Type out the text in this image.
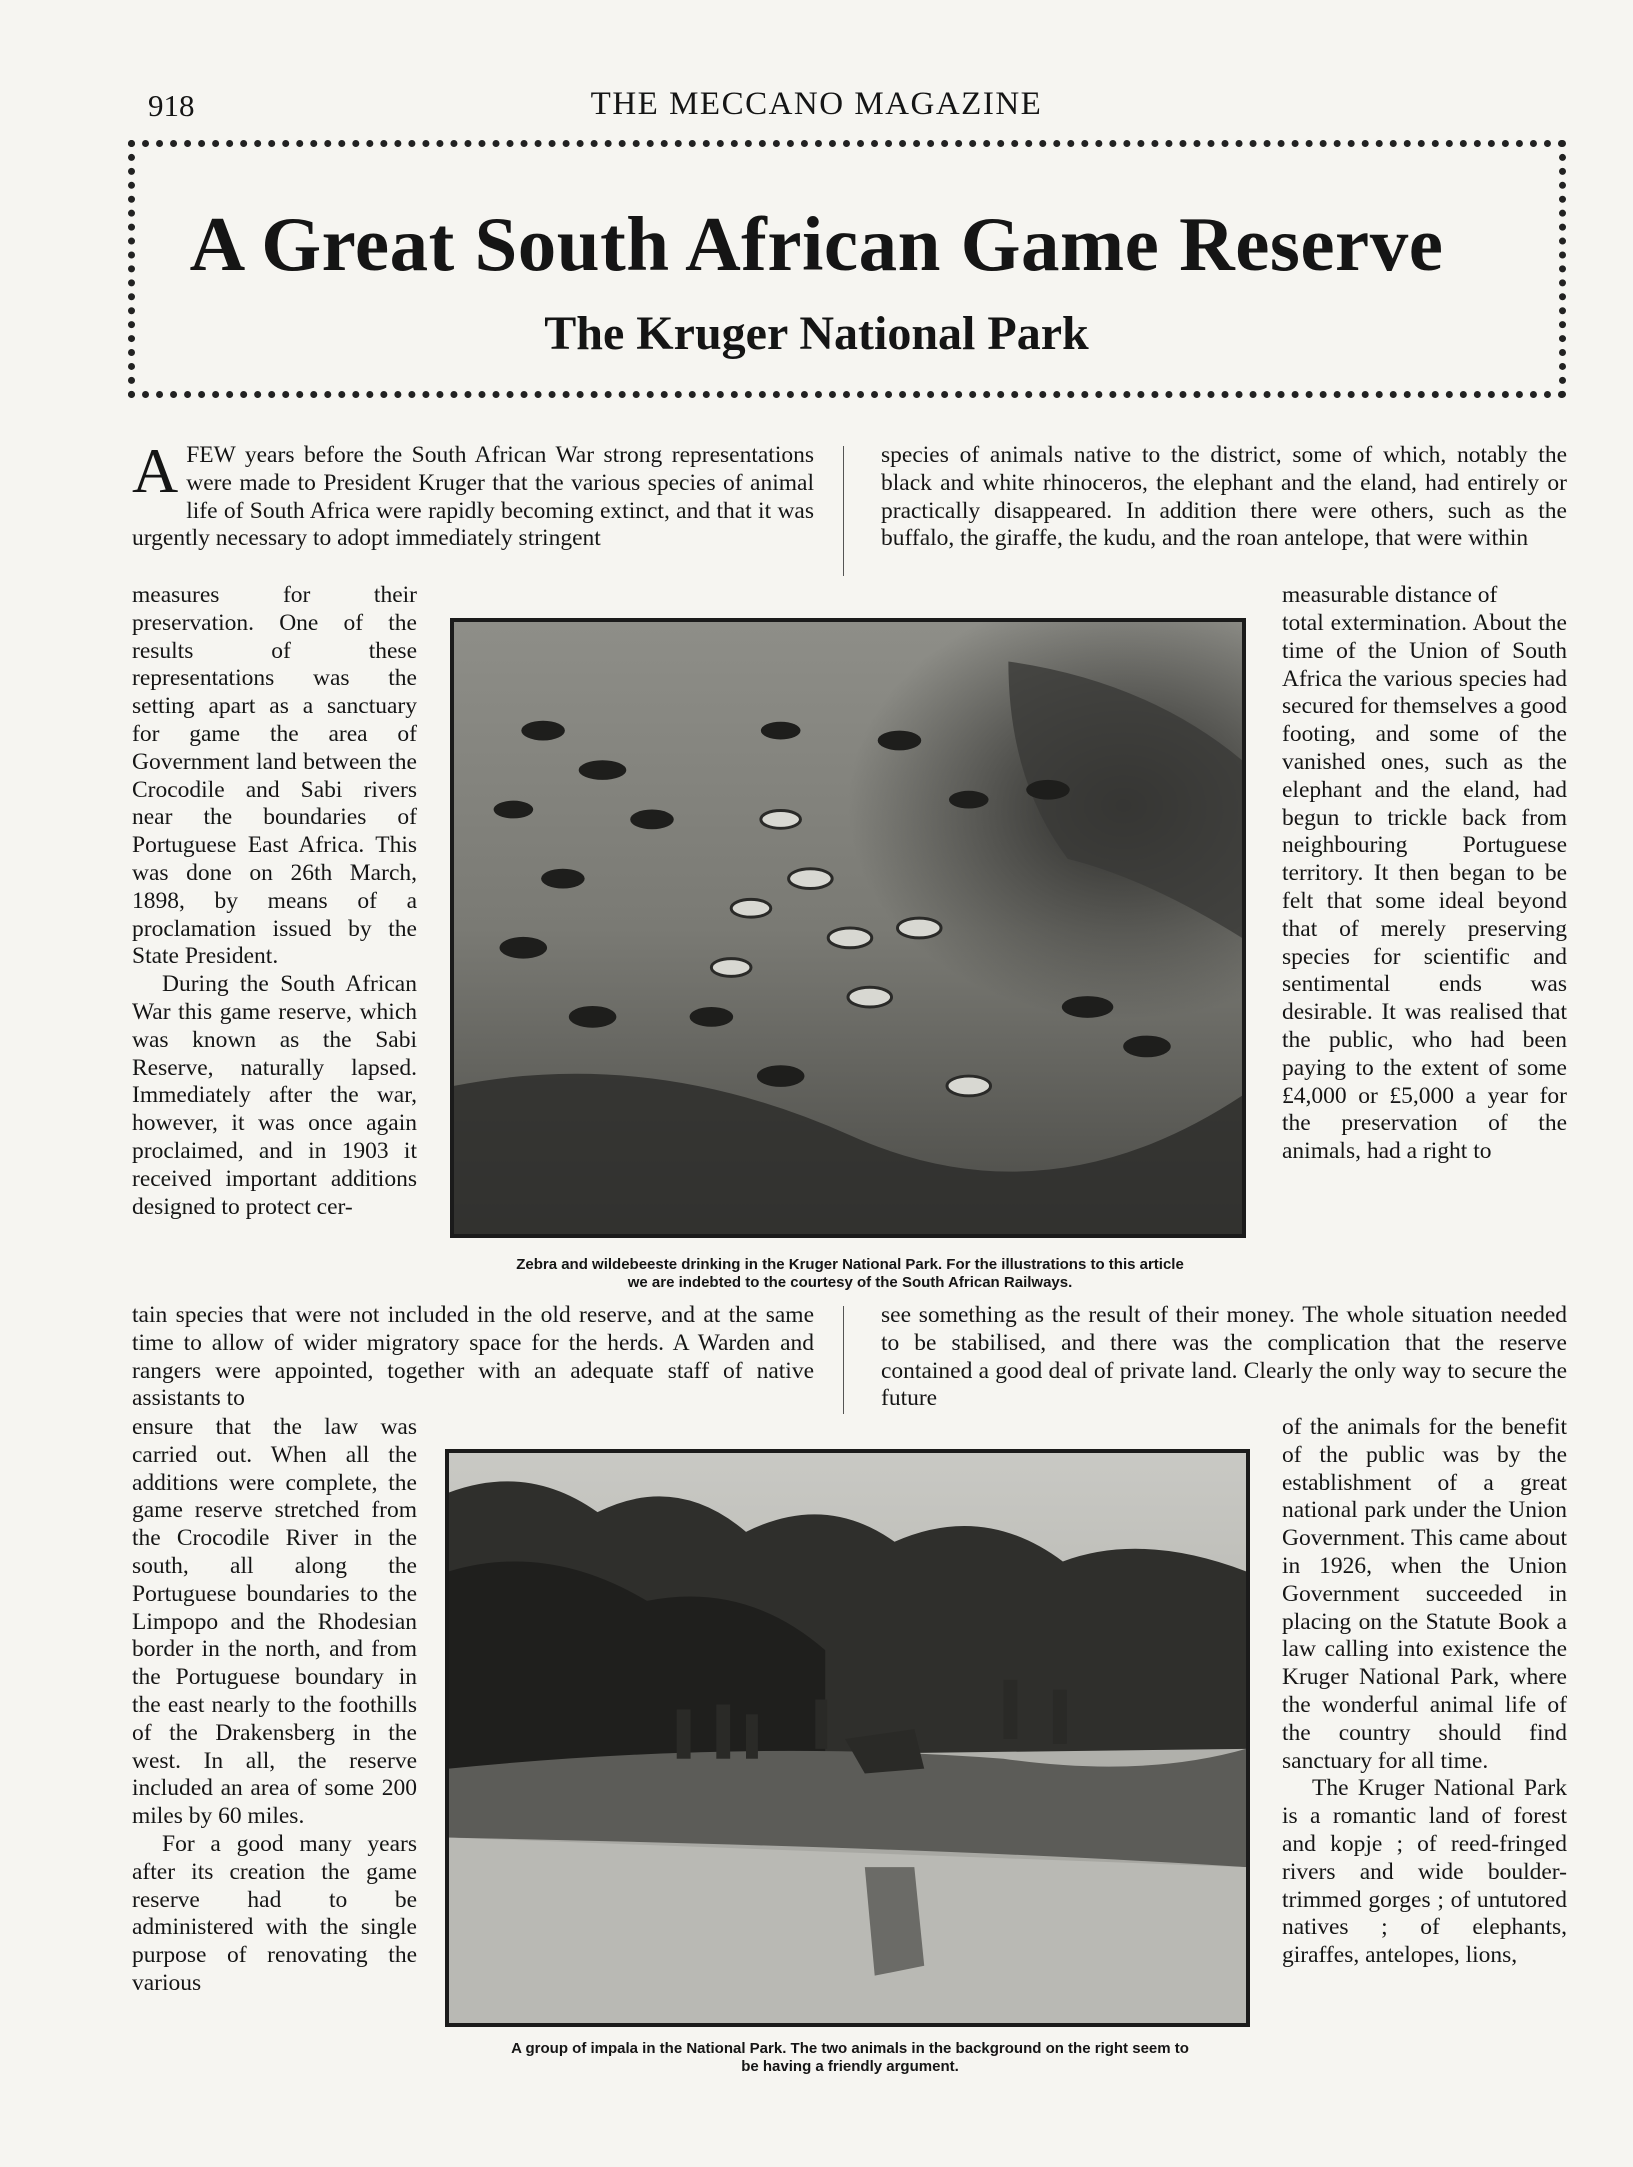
918	THE MECCANO MAGAZINE
A Great South African Game Reserve
The Kruger National Park
A FEW years before the South African War strong representations were made to President Kruger that the various species of animal life of South Africa were rapidly becoming extinct, and that it was urgently necessary to adopt immediately stringent

species of animals native to the district, some of which, notably the black and white rhinoceros, the elephant and the eland, had entirely or practically disappeared. In addition there were others, such as the buffalo, the giraffe, the kudu, and the roan antelope, that were within
measurable distance of

measures for their preservation. One of the results of these representations was the setting apart as a sanctuary for game the area of Government land between the Crocodile and Sabi rivers near the boundaries of Portuguese East Africa. This was done on 26th March, 1898, by means of a proclamation issued by the State President.

During the South African War this game reserve, which was known as the Sabi Reserve, naturally lapsed. Immediately after the war, however, it was once again proclaimed, and in 1903 it received important additions designed to protect cer-

total extermination. About the time of the Union of South Africa the various species had secured for themselves a good footing, and some of the vanished ones, such as the elephant and the eland, had begun to trickle back from neighbouring Portuguese territory. It then began to be felt that some ideal beyond that of merely preserving species for scientific and sentimental ends was desirable. It was realised that the public, who had been paying to the extent of some £4,000 or £5,000 a year for the preservation of the animals, had a right to
Zebra and wildebeeste drinking in the Kruger National Park. For the illustrations to this article
we are indebted to the courtesy of the South African Railways.
tain species that were not included in the old reserve, and at the same time to allow of wider migratory space for the herds. A Warden and rangers were appointed, together with an adequate staff of native assistants to
see something as the result of their money. The whole situation needed to be stabilised, and there was the complication that the reserve contained a good deal of private land. Clearly the only way to secure the future

ensure that the law was carried out. When all the additions were complete, the game reserve stretched from the Crocodile River in the south, all along the Portuguese boundaries to the Limpopo and the Rhodesian border in the north, and from the Portuguese boundary in the east nearly to the foothills of the Drakensberg in the west. In all, the reserve included an area of some 200 miles by 60 miles.

For a good many years after its creation the game reserve had to be administered with the single purpose of renovating the various

of the animals for the benefit of the public was by the establishment of a great national park under the Union Government. This came about in 1926, when the Union Government succeeded in placing on the Statute Book a law calling into existence the Kruger National Park, where the wonderful animal life of the country should find sanctuary for all time.

The Kruger National Park is a romantic land of forest and kopje ; of reed-fringed rivers and wide boulder-trimmed gorges ; of untutored natives ; of elephants, giraffes, antelopes, lions,

A group of impala in the National Park. The two animals in the background on the right seem to
be having a friendly argument.
